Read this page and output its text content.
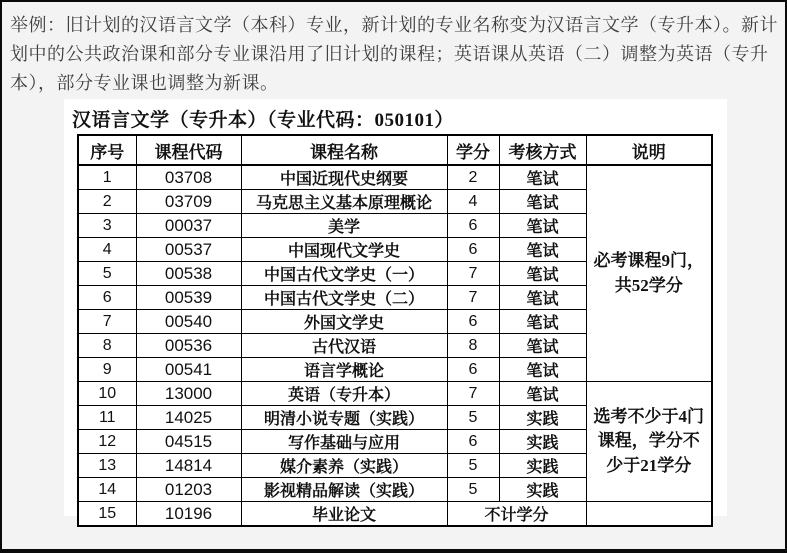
举例：旧计划的汉语言文学（本科）专业，新计划的专业名称变为汉语言文学（专升本）。新计
划中的公共政治课和部分专业课沿用了旧计划的课程；英语课从英语（二）调整为英语（专升
本），部分专业课也调整为新课。
汉语言文学（专升本）（专业代码：050101）
序号	课程代码	课程名称	学分	考核方式	说明
1	03708	中国近现代史纲要	2	笔试	必考课程9门，共52学分
2	03709	马克思主义基本原理概论	4	笔试	
3	00037	美学	6	笔试	
4	00537	中国现代文学史	6	笔试	
5	00538	中国古代文学史（一）	7	笔试	
6	00539	中国古代文学史（二）	7	笔试	
7	00540	外国文学史	6	笔试	
8	00536	古代汉语	8	笔试	
9	00541	语言学概论	6	笔试	
10	13000	英语（专升本）	7	笔试	选考不少于4门课程，学分不少于21学分
11	14025	明清小说专题（实践）	5	实践	
12	04515	写作基础与应用	6	实践	
13	14814	媒介素养（实践）	5	实践	
14	01203	影视精品解读（实践）	5	实践	
15	10196	毕业论文	不计学分		
